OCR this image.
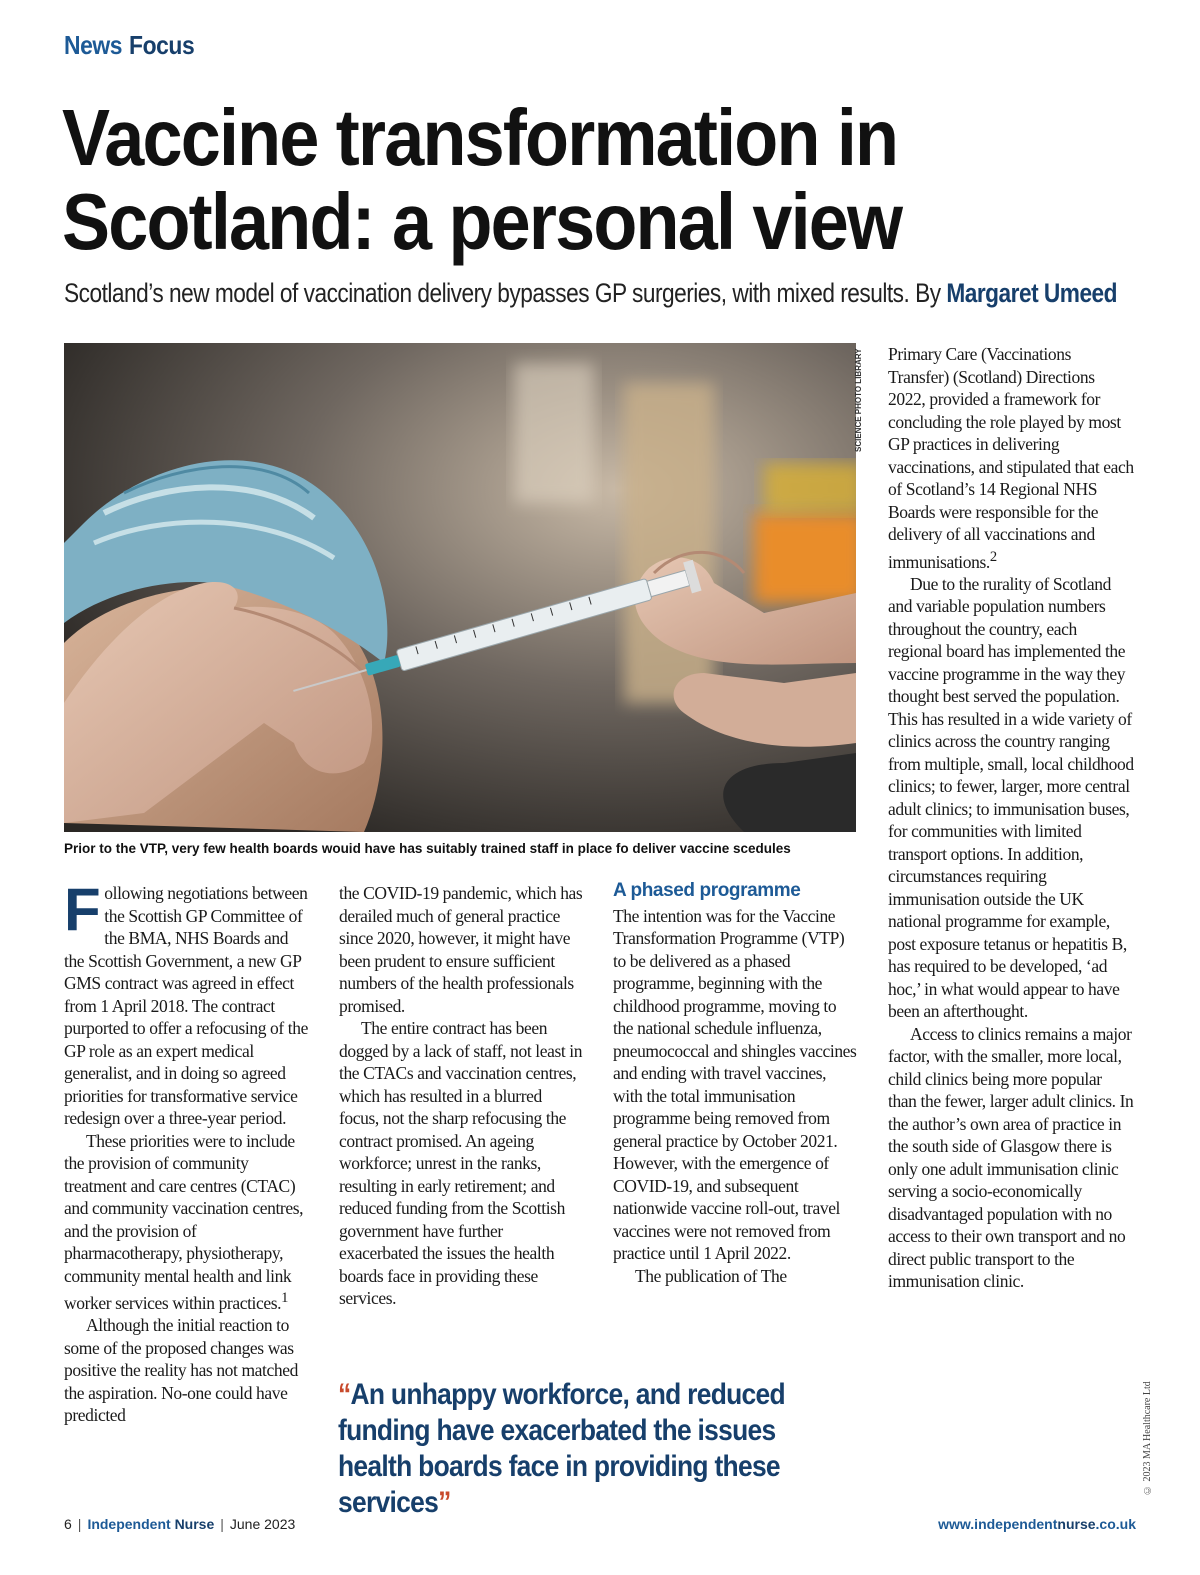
News Focus
Vaccine transformation in Scotland: a personal view
Scotland’s new model of vaccination delivery bypasses GP surgeries, with mixed results. By Margaret Umeed
SCIENCE PHOTO LIBRARY
Prior to the VTP, very few health boards wouid have has suitably trained staff in place fo deliver vaccine scedules

Following negotiations between the Scottish GP Committee of the BMA, NHS Boards and the Scottish Government, a new GP GMS contract was agreed in effect from 1 April 2018. The contract purported to offer a refocusing of the GP role as an expert medical generalist, and in doing so agreed priorities for transformative service redesign over a three-year period.

These priorities were to include the provision of community treatment and care centres (CTAC) and community vaccination centres, and the provision of pharmacotherapy, physiotherapy, community mental health and link worker services within practices.$^1$

Although the initial reaction to some of the proposed changes was positive the reality has not matched the aspiration. No-one could have predicted

the COVID-19 pandemic, which has derailed much of general practice since 2020, however, it might have been prudent to ensure sufficient numbers of the health professionals promised.

The entire contract has been dogged by a lack of staff, not least in the CTACs and vaccination centres, which has resulted in a blurred focus, not the sharp refocusing the contract promised. An ageing workforce; unrest in the ranks, resulting in early retirement; and reduced funding from the Scottish government have further exacerbated the issues the health boards face in providing these services.

A phased programme

The intention was for the Vaccine Transformation Programme (VTP) to be delivered as a phased programme, beginning with the childhood programme, moving to the national schedule influenza, pneumococcal and shingles vaccines and ending with travel vaccines, with the total immunisation programme being removed from general practice by October 2021. However, with the emergence of COVID-19, and subsequent nationwide vaccine roll-out, travel vaccines were not removed from practice until 1 April 2022.

The publication of The

Primary Care (Vaccinations Transfer) (Scotland) Directions 2022, provided a framework for concluding the role played by most GP practices in delivering vaccinations, and stipulated that each of Scotland’s 14 Regional NHS Boards were responsible for the delivery of all vaccinations and immunisations.$^2$

Due to the rurality of Scotland and variable population numbers throughout the country, each regional board has implemented the vaccine programme in the way they thought best served the population. This has resulted in a wide variety of clinics across the country ranging from multiple, small, local childhood clinics; to fewer, larger, more central adult clinics; to immunisation buses, for communities with limited transport options. In addition, circumstances requiring immunisation outside the UK national programme for example, post exposure tetanus or hepatitis B, has required to be developed, ‘ad hoc,’ in what would appear to have been an afterthought.

Access to clinics remains a major factor, with the smaller, more local, child clinics being more popular than the fewer, larger adult clinics. In the author’s own area of practice in the south side of Glasgow there is only one adult immunisation clinic serving a socio-economically disadvantaged population with no access to their own transport and no direct public transport to the immunisation clinic.

“An unhappy workforce, and reduced funding have exacerbated the issues health boards face in providing these services”
© 2023 MA Healthcare Ltd
6 | Independent Nurse | June 2023	www.independentnurse.co.uk
